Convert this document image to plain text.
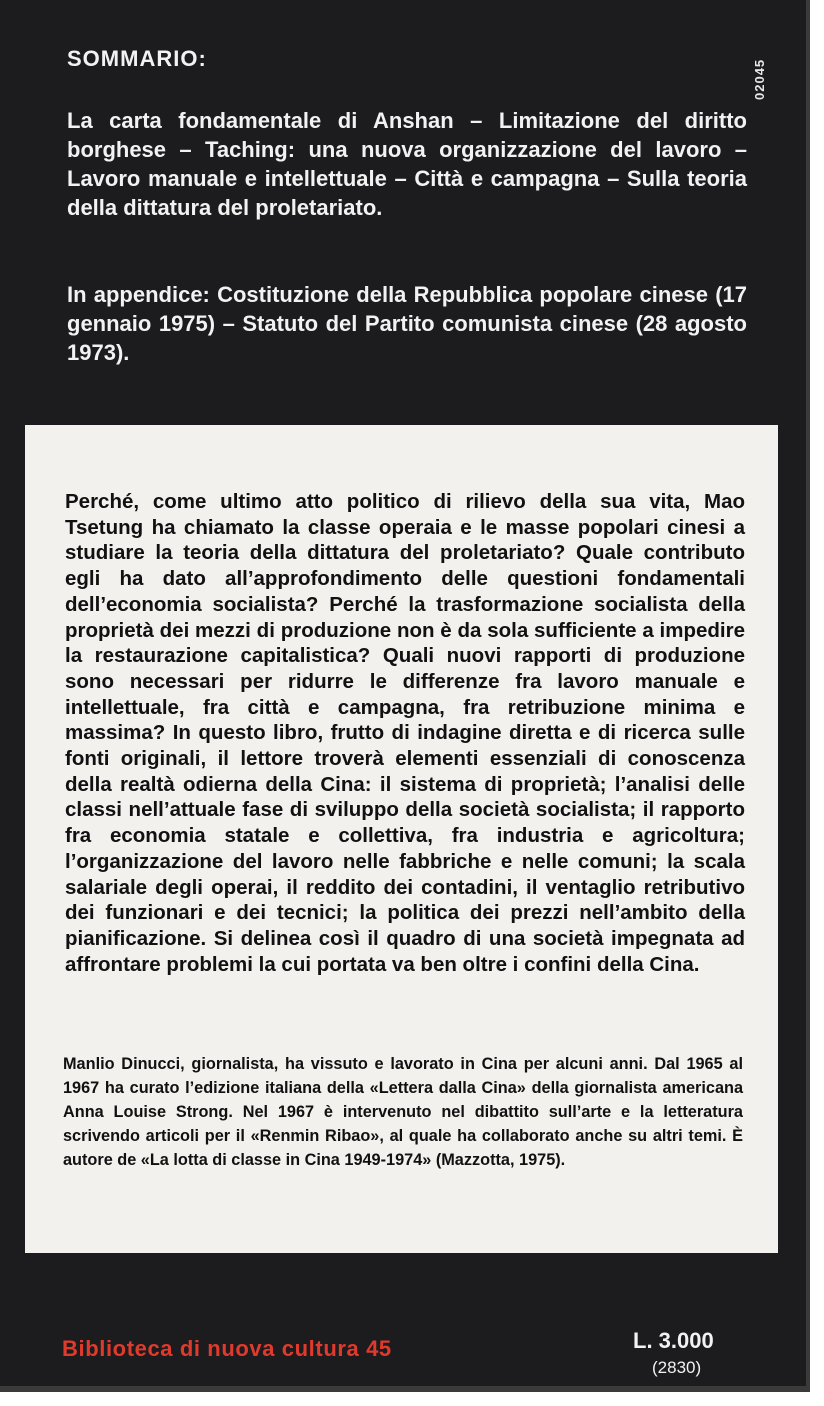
02045
SOMMARIO:
La carta fondamentale di Anshan – Limitazione del diritto borghese – Taching: una nuova organizzazione del lavoro – Lavoro manuale e intellettuale – Città e campagna – Sulla teoria della dittatura del proletariato.
In appendice: Costituzione della Repubblica popolare cinese (17 gennaio 1975) – Statuto del Partito comunista cinese (28 agosto 1973).
Perché, come ultimo atto politico di rilievo della sua vita, Mao Tsetung ha chiamato la classe operaia e le masse popolari cinesi a studiare la teoria della dittatura del proletariato? Quale contributo egli ha dato all’approfondimento delle questioni fondamentali dell’economia socialista? Perché la trasformazione socialista della proprietà dei mezzi di produzione non è da sola sufficiente a impedire la restaurazione capitalistica? Quali nuovi rapporti di produzione sono necessari per ridurre le differenze fra lavoro manuale e intellettuale, fra città e campagna, fra retribuzione minima e massima? In questo libro, frutto di indagine diretta e di ricerca sulle fonti originali, il lettore troverà elementi essenziali di conoscenza della realtà odierna della Cina: il sistema di proprietà; l’analisi delle classi nell’attuale fase di sviluppo della società socialista; il rapporto fra economia statale e collettiva, fra industria e agricoltura; l’organizzazione del lavoro nelle fabbriche e nelle comuni; la scala salariale degli operai, il reddito dei contadini, il ventaglio retributivo dei funzionari e dei tecnici; la politica dei prezzi nell’ambito della pianificazione. Si delinea così il quadro di una società impegnata ad affrontare problemi la cui portata va ben oltre i confini della Cina.
Manlio Dinucci, giornalista, ha vissuto e lavorato in Cina per alcuni anni. Dal 1965 al 1967 ha curato l’edizione italiana della «Lettera dalla Cina» della giornalista americana Anna Louise Strong. Nel 1967 è intervenuto nel dibattito sull’arte e la letteratura scrivendo articoli per il «Renmin Ribao», al quale ha collaborato anche su altri temi. È autore de «La lotta di classe in Cina 1949-1974» (Mazzotta, 1975).
Biblioteca di nuova cultura 45	L. 3.000
(2830)
